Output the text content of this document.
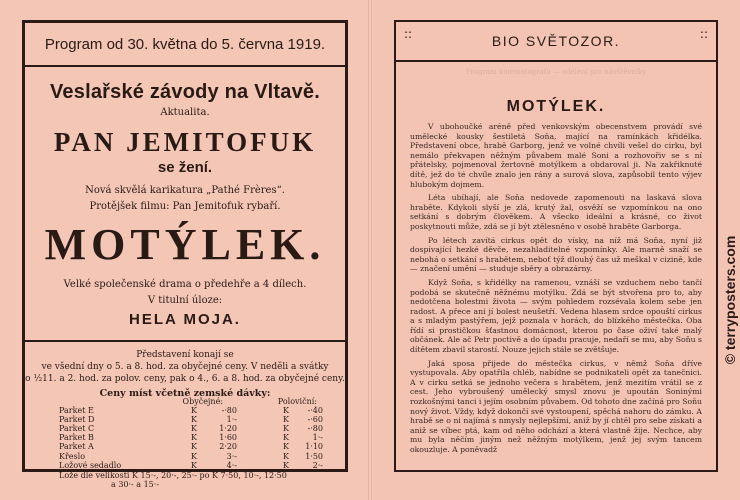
Program od 30. května do 5. června 1919.
Veslařské závody na Vltavě.
Aktualita.
PAN JEMITOFUK
se žení.
Nová skvělá karikatura „Pathé Frères“.
Protějšek filmu: Pan Jemitofuk rybaří.
MOTÝLEK.
Velké společenské drama o předehře a 4 dílech.
V titulní úloze:
HELA MOJA.
Představení konají se
ve všední dny o 5. a 8. hod. za obyčejné ceny. V neděli a svátky
o ½11. a 2. hod. za polov. ceny, pak o 4., 6. a 8. hod. za obyčejné ceny.
Ceny míst včetně zemské dávky:
Obyčejné:	Poloviční:
Parket E	K	-·80	K	-·40
Parket D	K	1·-	K	-·60
Parket C	K	1·20	K	-·80
Parket B	K	1·60	K	1·-
Parket A	K	2·20	K	1·10
Křeslo	K	3·-	K	1·50
Ložové sedadlo	K	4·-	K	2·-
Lože dle velikosti K 15·-, 20·-, 25·- po K 7·50, 10·-, 12·50
a 30·- a 15·-
BIO SVĚTOZOR.
::	::
Program kinematografu — sdělení pro návštěvníky
MOTÝLEK.

V ubohoučké aréně před venkovským obecenstvem provádí své umělecké kousky šestiletá Soňa, mající na ramínkách křidélka. Představení obce, hrabě Garborg, jenž ve volné chvíli vešel do cirku, byl nemálo překvapen něžným půvabem malé Soni a rozhovořiv se s ní přátelsky, pojmenoval žertovně motýlkem a obdaroval ji. Na zakřiknuté dítě, jež do té chvíle znalo jen rány a surová slova, zapůsobil tento výjev hlubokým dojmem.

Léta ubíhají, ale Soňa nedovede zapomenouti na laskavá slova hraběte. Kdykoli slyší je zlá, krutý žal, osvěží se vzpomínkou na ono setkání s dobrým člověkem. A všecko ideální a krásné, co život poskytnouti může, zdá se jí být ztělesněno v osobě hraběte Garborga.

Po létech zavítá cirkus opět do vísky, na níž má Soňa, nyní již dospívající hezké děvče, nezahladitelné vzpomínky. Ale marně snaží se nebohá o setkání s hrabětem, neboť týž dlouhý čas už meškal v cizině, kde — značení umění — studuje sběry a obrazárny.

Když Soňa, s křidélky na ramenou, vznáší se vzduchem nebo tančí podobá se skutečně něžnému motýlku. Zdá se být stvořena pro to, aby nedotčena bolestmi života — svým pohledem rozsévala kolem sebe jen radost. A přece ani jí bolest neušetří. Vedena hlasem srdce opouští cirkus a s mladým pastýřem, jejž poznala v horách, do blízkého městečka. Oba řídí si prostičkou šťastnou domácnost, kterou po čase oživí také malý občánek. Ale ač Petr poctivě a do úpadu pracuje, nedaří se mu, aby Soňu s dítětem zbavil starostí. Nouze jejich stále se zvětšuje.

Jaká sposa přijede do městečka cirkus, v němž Soňa dříve vystupovala. Aby opatřila chléb, nabídne se podnikateli opět za tanečnici. A v cirku setká se jednoho večera s hrabětem, jenž mezitím vrátil se z cest. Jeho vybroušený umělecký smysl znovu je upoután Soninými rozkošnými tanci i jejím osobním půvabem. Od tohoto dne začíná pro Soňu nový život. Vždy, když dokončí své vystoupení, spěchá nahoru do zámku. A hrabě se o ni najímá s nmysly nejlepšími, aniž by jí chtěl pro sebe získati a aniž se víbec ptá, kam od něho odchází a která vlastně žije. Nechce, aby mu byla něčím jiným než něžným motýlkem, jenž jej svým tancem okouzluje. A poněvadž

© terryposters.com
